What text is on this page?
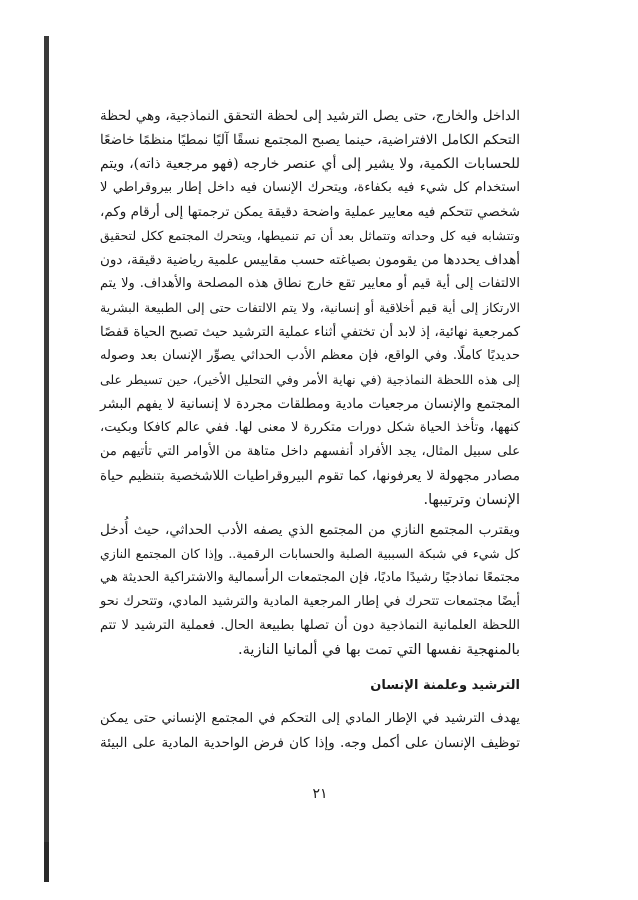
الداخل والخارج، حتى يصل الترشيد إلى لحظة التحقق النماذجية، وهي لحظة

التحكم الكامل الافتراضية، حينما يصبح المجتمع نسقًا آليًا نمطيًا منظمًا خاضعًا

للحسابات الكمية، ولا يشير إلى أي عنصر خارجه (فهو مرجعية ذاته)، ويتم

استخدام كل شيء فيه بكفاءة، ويتحرك الإنسان فيه داخل إطار بيروقراطي لا

شخصي تتحكم فيه معايير عملية واضحة دقيقة يمكن ترجمتها إلى أرقام وكم،

وتتشابه فيه كل وحداته وتتماثل بعد أن تم تنميطها، ويتحرك المجتمع ككل لتحقيق

أهداف يحددها من يقومون بصياغته حسب مقاييس علمية رياضية دقيقة، دون

الالتفات إلى أية قيم أو معايير تقع خارج نطاق هذه المصلحة والأهداف. ولا يتم

الارتكاز إلى أية قيم أخلاقية أو إنسانية، ولا يتم الالتفات حتى إلى الطبيعة البشرية

كمرجعية نهائية، إذ لابد أن تختفي أثناء عملية الترشيد حيث تصبح الحياة قفصًا

حديديًا كاملًا. وفي الواقع، فإن معظم الأدب الحداثي يصوِّر الإنسان بعد وصوله

إلى هذه اللحظة النماذجية (في نهاية الأمر وفي التحليل الأخير)، حين تسيطر على

المجتمع والإنسان مرجعيات مادية ومطلقات مجردة لا إنسانية لا يفهم البشر

كنهها، وتأخذ الحياة شكل دورات متكررة لا معنى لها. ففي عالم كافكا وبكيت،

على سبيل المثال، يجد الأفراد أنفسهم داخل متاهة من الأوامر التي تأتيهم من

مصادر مجهولة لا يعرفونها، كما تقوم البيروقراطيات اللاشخصية بتنظيم حياة

الإنسان وترتيبها.

ويقترب المجتمع النازي من المجتمع الذي يصفه الأدب الحداثي، حيث أُدخل

كل شيء في شبكة السببية الصلبة والحسابات الرقمية.. وإذا كان المجتمع النازي

مجتمعًا نماذجيًا رشيدًا ماديًا، فإن المجتمعات الرأسمالية والاشتراكية الحديثة هي

أيضًا مجتمعات تتحرك في إطار المرجعية المادية والترشيد المادي، وتتحرك نحو

اللحظة العلمانية النماذجية دون أن تصلها بطبيعة الحال. فعملية الترشيد لا تتم

بالمنهجية نفسها التي تمت بها في ألمانيا النازية.

الترشيد وعلمنة الإنسان

يهدف الترشيد في الإطار المادي إلى التحكم في المجتمع الإنساني حتى يمكن

توظيف الإنسان على أكمل وجه. وإذا كان فرض الواحدية المادية على البيئة

٢١
